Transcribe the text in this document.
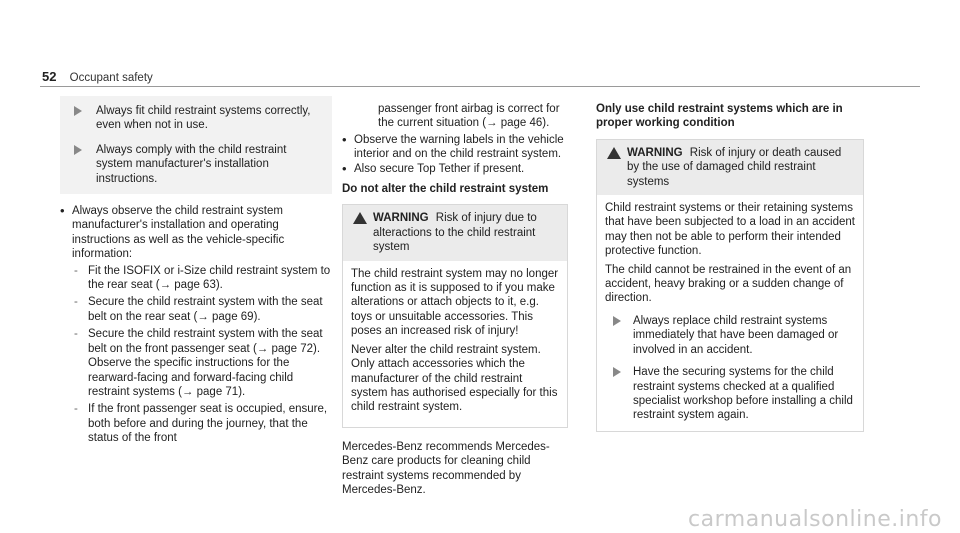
52 Occupant safety

Always fit child restraint systems correctly, even when not in use.

Always comply with the child restraint system manufacturer's installation instructions.

• Always observe the child restraint system manufacturer's installation and operating instructions as well as the vehicle-specific information:
- Fit the ISOFIX or i-Size child restraint system to the rear seat (→ page 63).
- Secure the child restraint system with the seat belt on the rear seat (→ page 69).
- Secure the child restraint system with the seat belt on the front passenger seat (→ page 72). Observe the specific instructions for the rearward-facing and forward-facing child restraint systems (→ page 71).
- If the front passenger seat is occupied, ensure, both before and during the journey, that the status of the front

passenger front airbag is correct for the current situation (→ page 46).

• Observe the warning labels in the vehicle interior and on the child restraint system.
• Also secure Top Tether if present.
Do not alter the child restraint system
WARNING Risk of injury due to alteractions to the child restraint system

The child restraint system may no longer function as it is supposed to if you make alterations or attach objects to it, e.g. toys or unsuitable accessories. This poses an increased risk of injury!

Never alter the child restraint system. Only attach accessories which the manufacturer of the child restraint system has authorised especially for this child restraint system.

Mercedes-Benz recommends Mercedes-Benz care products for cleaning child restraint systems recommended by Mercedes-Benz.

Only use child restraint systems which are in proper working condition
WARNING Risk of injury or death caused by the use of damaged child restraint systems

Child restraint systems or their retaining systems that have been subjected to a load in an accident may then not be able to perform their intended protective function.

The child cannot be restrained in the event of an accident, heavy braking or a sudden change of direction.

Always replace child restraint systems immediately that have been damaged or involved in an accident.
Have the securing systems for the child restraint systems checked at a qualified specialist workshop before installing a child restraint system again.
carmanualsonline.info
